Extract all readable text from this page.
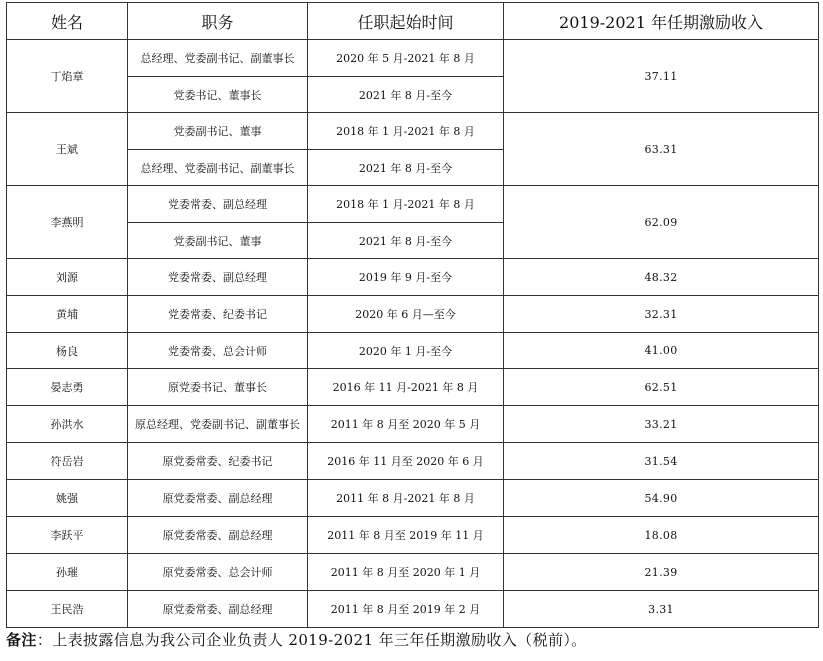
姓名	职务	任职起始时间	2019-2021 年任期激励收入
丁焰章	总经理、党委副书记、副董事长	2020 年 5 月-2021 年 8 月	37.11
	党委书记、董事长	2021 年 8 月-至今	
王斌	党委副书记、董事	2018 年 1 月-2021 年 8 月	63.31
	总经理、党委副书记、副董事长	2021 年 8 月-至今	
李燕明	党委常委、副总经理	2018 年 1 月-2021 年 8 月	62.09
	党委副书记、董事	2021 年 8 月-至今	
刘源	党委常委、副总经理	2019 年 9 月-至今	48.32
黄埔	党委常委、纪委书记	2020 年 6 月—至今	32.31
杨良	党委常委、总会计师	2020 年 1 月-至今	41.00
晏志勇	原党委书记、董事长	2016 年 11 月-2021 年 8 月	62.51
孙洪水	原总经理、党委副书记、副董事长	2011 年 8 月至 2020 年 5 月	33.21
符岳岩	原党委常委、纪委书记	2016 年 11 月至 2020 年 6 月	31.54
姚强	原党委常委、副总经理	2011 年 8 月-2021 年 8 月	54.90
李跃平	原党委常委、副总经理	2011 年 8 月至 2019 年 11 月	18.08
孙璀	原党委常委、总会计师	2011 年 8 月至 2020 年 1 月	21.39
王民浩	原党委常委、副总经理	2011 年 8 月至 2019 年 2 月	3.31
备注：上表披露信息为我公司企业负责人 2019-2021 年三年任期激励收入（税前）。
